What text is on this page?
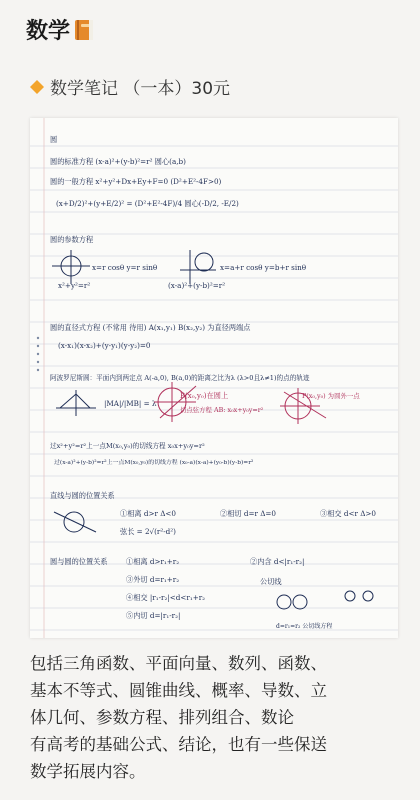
数学
数学笔记 （一本）30元
圆
圆的标准方程 (x-a)²+(y-b)²=r² 圆心(a,b)
圆的一般方程 x²+y²+Dx+Ey+F=0 (D²+E²-4F>0)
(x+D/2)²+(y+E/2)² = (D²+E²-4F)/4 圆心(-D/2, -E/2)
圆的参数方程
x=r cosθ y=r sinθ	x=a+r cosθ y=b+r sinθ
x²+y²=r²	(x-a)²+(y-b)²=r²
圆的直径式方程 (不常用 待用) A(x₁,y₁) B(x₂,y₂) 为直径两端点
(x-x₁)(x-x₂)+(y-y₁)(y-y₂)=0
阿波罗尼斯圆：平面内到两定点 A(-a,0), B(a,0)的距离之比为λ (λ>0且λ≠1)的点的轨迹
|MA|/|MB| = λ
P(x₀,y₀)在圆上
切点弦方程 AB: x₀x+y₀y=r²
P(x₀,y₀) 为圆外一点
过x²+y²=r²上一点M(x₀,y₀)的切线方程 x₀x+y₀y=r²
过(x-a)²+(y-b)²=r²上一点M(x₀,y₀)的切线方程 (x₀-a)(x-a)+(y₀-b)(y-b)=r²
直线与圆的位置关系
①相离 d>r Δ<0	②相切 d=r Δ=0	③相交 d<r Δ>0
弦长 = 2√(r²-d²)
圆与圆的位置关系	①相离 d>r₁+r₂	②内含 d<|r₁-r₂|
③外切 d=r₁+r₂
④相交 |r₁-r₂|<d<r₁+r₂
⑤内切 d=|r₁-r₂|
公切线
d=r₁=r₂ 公切线方程

包括三角函数、平面向量、数列、函数、

基本不等式、圆锥曲线、概率、导数、立

体几何、参数方程、排列组合、数论

有高考的基础公式、结论，也有一些保送

数学拓展内容。
